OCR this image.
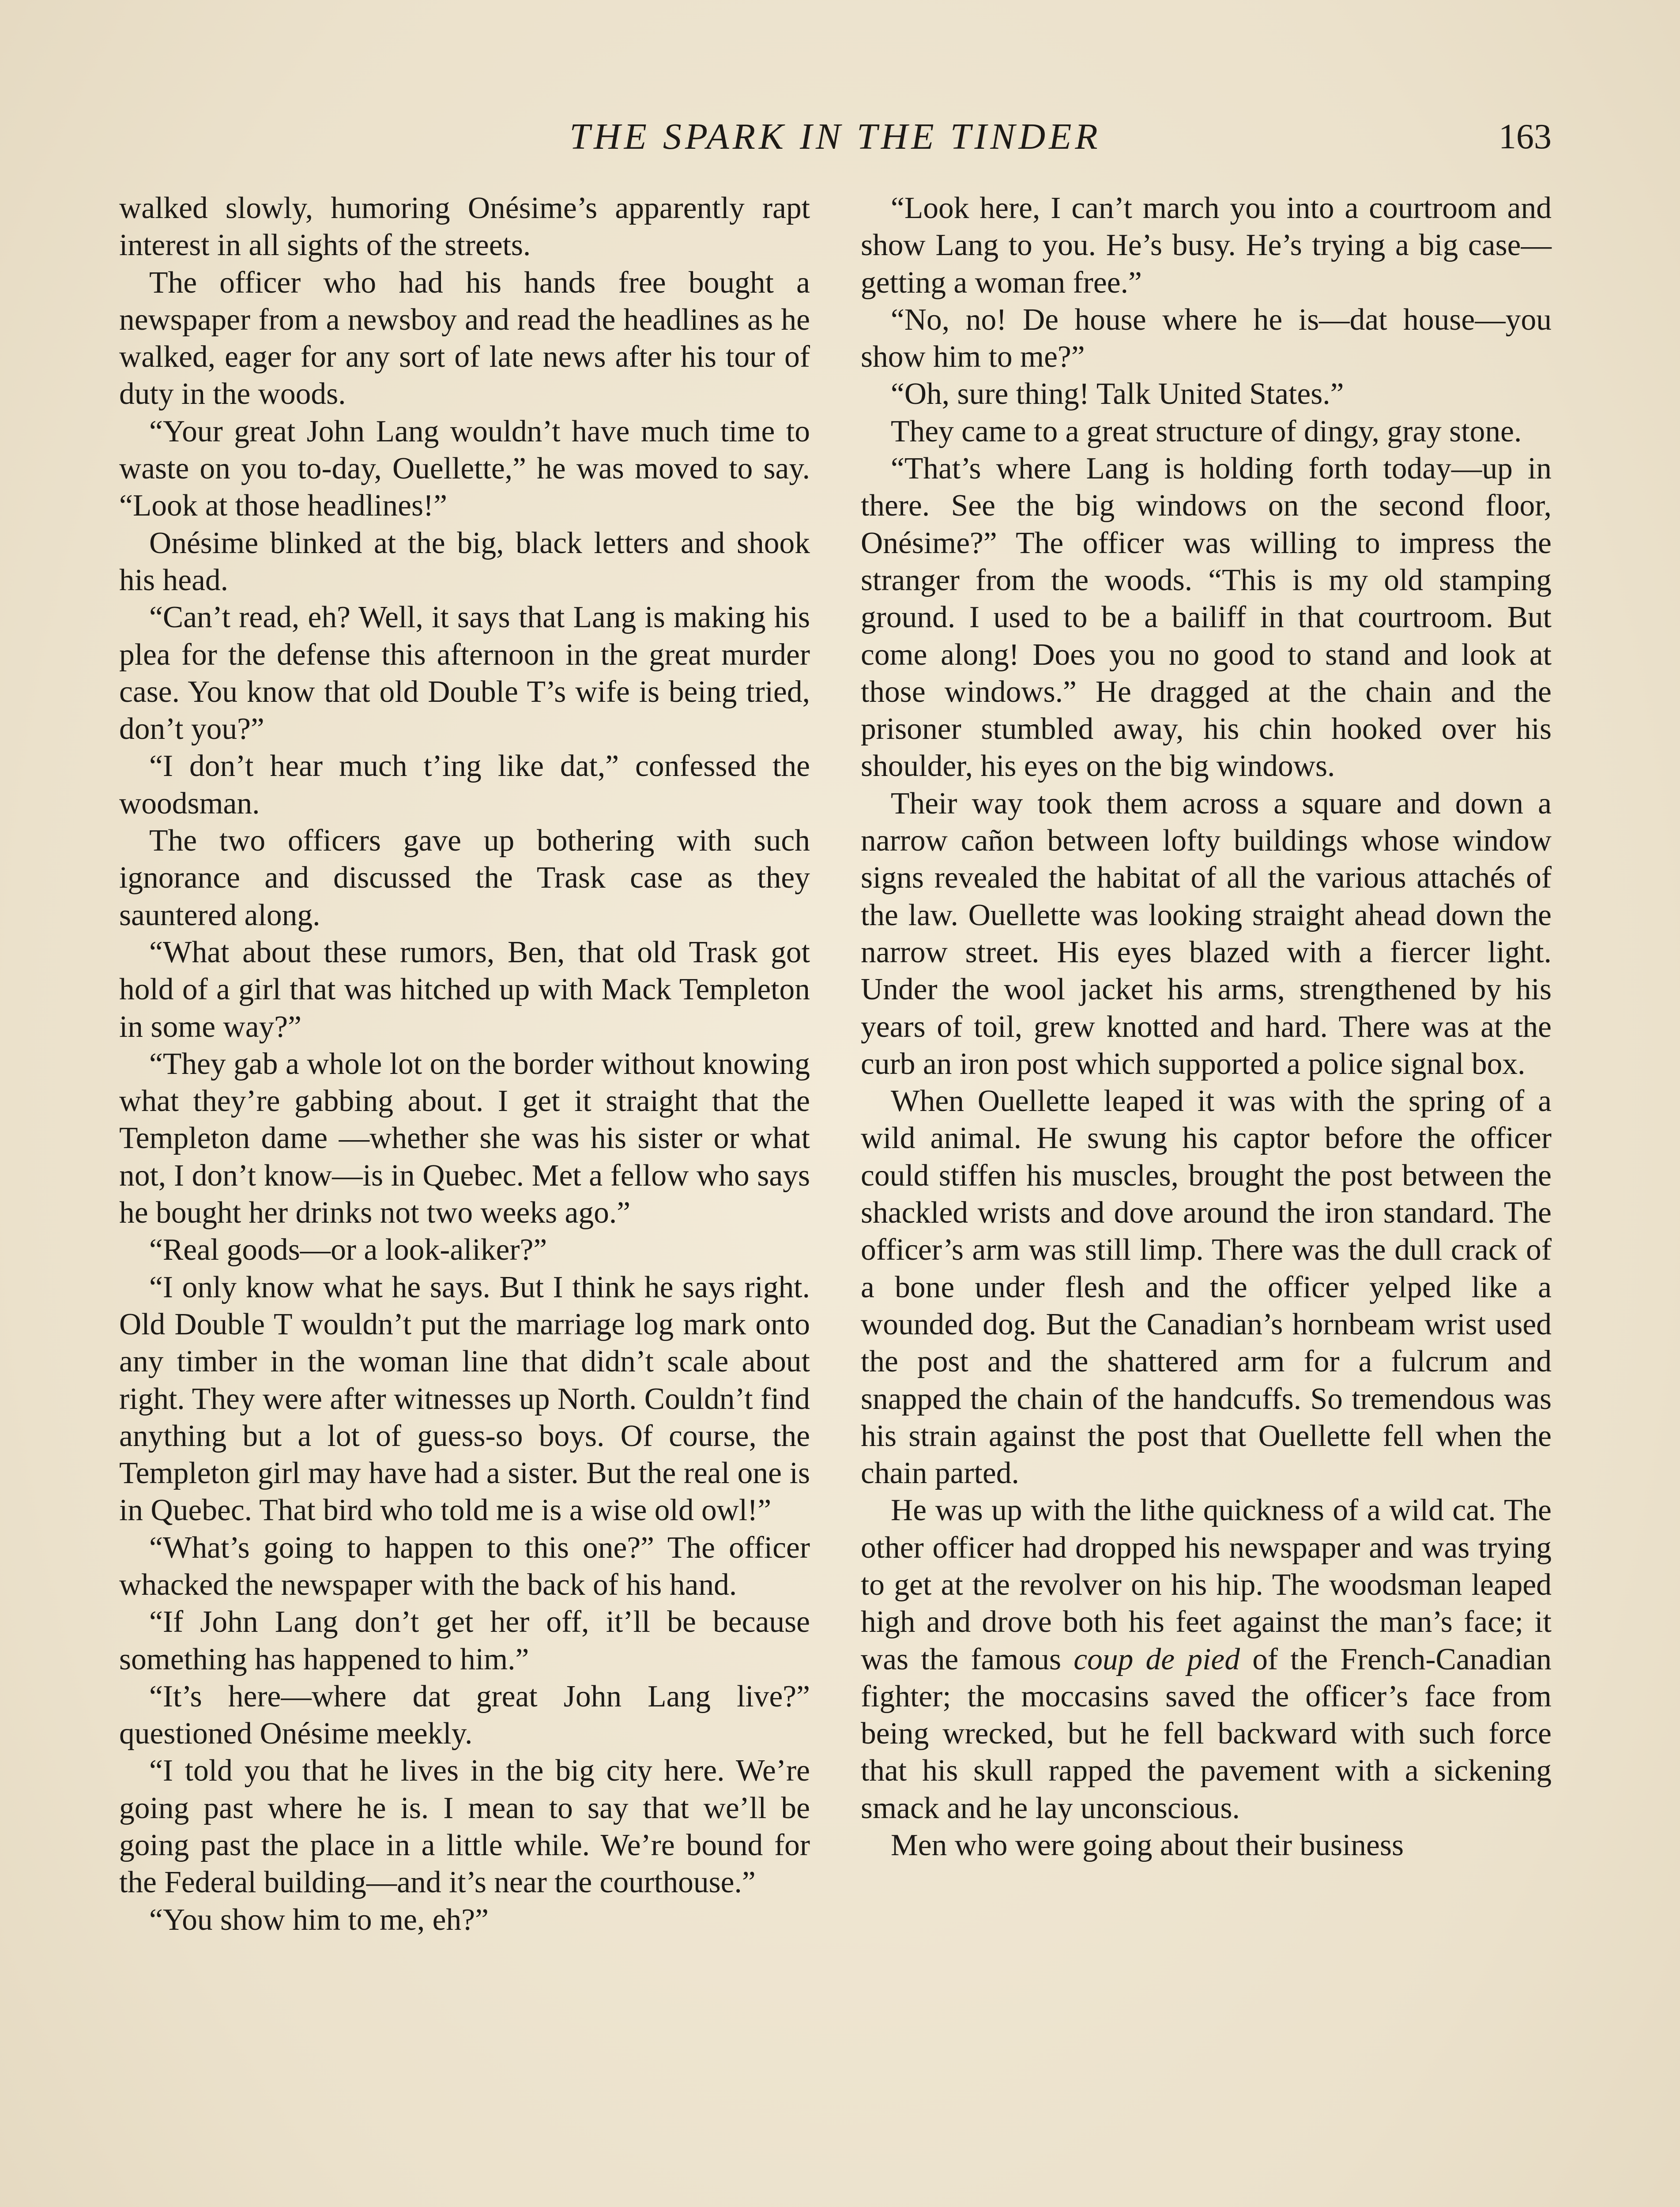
THE SPARK IN THE TINDER	163

walked slowly, humoring Onésime’s apparently rapt interest in all sights of the streets.

The officer who had his hands free bought a newspaper from a newsboy and read the headlines as he walked, eager for any sort of late news after his tour of duty in the woods.

“Your great John Lang wouldn’t have much time to waste on you to-day, Ouellette,” he was moved to say. “Look at those headlines!”

Onésime blinked at the big, black letters and shook his head.

“Can’t read, eh? Well, it says that Lang is making his plea for the defense this afternoon in the great murder case. You know that old Double T’s wife is being tried, don’t you?”

“I don’t hear much t’ing like dat,” confessed the woodsman.

The two officers gave up bothering with such ignorance and discussed the Trask case as they sauntered along.

“What about these rumors, Ben, that old Trask got hold of a girl that was hitched up with Mack Templeton in some way?”

“They gab a whole lot on the border without knowing what they’re gabbing about. I get it straight that the Templeton dame —whether she was his sister or what not, I don’t know—is in Quebec. Met a fellow who says he bought her drinks not two weeks ago.”

“Real goods—or a look-aliker?”

“I only know what he says. But I think he says right. Old Double T wouldn’t put the marriage log mark onto any timber in the woman line that didn’t scale about right. They were after witnesses up North. Couldn’t find anything but a lot of guess-so boys. Of course, the Templeton girl may have had a sister. But the real one is in Quebec. That bird who told me is a wise old owl!”

“What’s going to happen to this one?” The officer whacked the newspaper with the back of his hand.

“If John Lang don’t get her off, it’ll be because something has happened to him.”

“It’s here—where dat great John Lang live?” questioned Onésime meekly.

“I told you that he lives in the big city here. We’re going past where he is. I mean to say that we’ll be going past the place in a little while. We’re bound for the Federal building—and it’s near the courthouse.”

“You show him to me, eh?”

“Look here, I can’t march you into a courtroom and show Lang to you. He’s busy. He’s trying a big case—getting a woman free.”

“No, no! De house where he is—dat house—you show him to me?”

“Oh, sure thing! Talk United States.”

They came to a great structure of dingy, gray stone.

“That’s where Lang is holding forth today—up in there. See the big windows on the second floor, Onésime?” The officer was willing to impress the stranger from the woods. “This is my old stamping ground. I used to be a bailiff in that courtroom. But come along! Does you no good to stand and look at those windows.” He dragged at the chain and the prisoner stumbled away, his chin hooked over his shoulder, his eyes on the big windows.

Their way took them across a square and down a narrow cañon between lofty buildings whose window signs revealed the habitat of all the various attachés of the law. Ouellette was looking straight ahead down the narrow street. His eyes blazed with a fiercer light. Under the wool jacket his arms, strengthened by his years of toil, grew knotted and hard. There was at the curb an iron post which supported a police signal box.

When Ouellette leaped it was with the spring of a wild animal. He swung his captor before the officer could stiffen his muscles, brought the post between the shackled wrists and dove around the iron standard. The officer’s arm was still limp. There was the dull crack of a bone under flesh and the officer yelped like a wounded dog. But the Canadian’s hornbeam wrist used the post and the shattered arm for a fulcrum and snapped the chain of the handcuffs. So tremendous was his strain against the post that Ouellette fell when the chain parted.

He was up with the lithe quickness of a wild cat. The other officer had dropped his newspaper and was trying to get at the revolver on his hip. The woodsman leaped high and drove both his feet against the man’s face; it was the famous coup de pied of the French-Canadian fighter; the moccasins saved the officer’s face from being wrecked, but he fell backward with such force that his skull rapped the pavement with a sickening smack and he lay unconscious.

Men who were going about their business
